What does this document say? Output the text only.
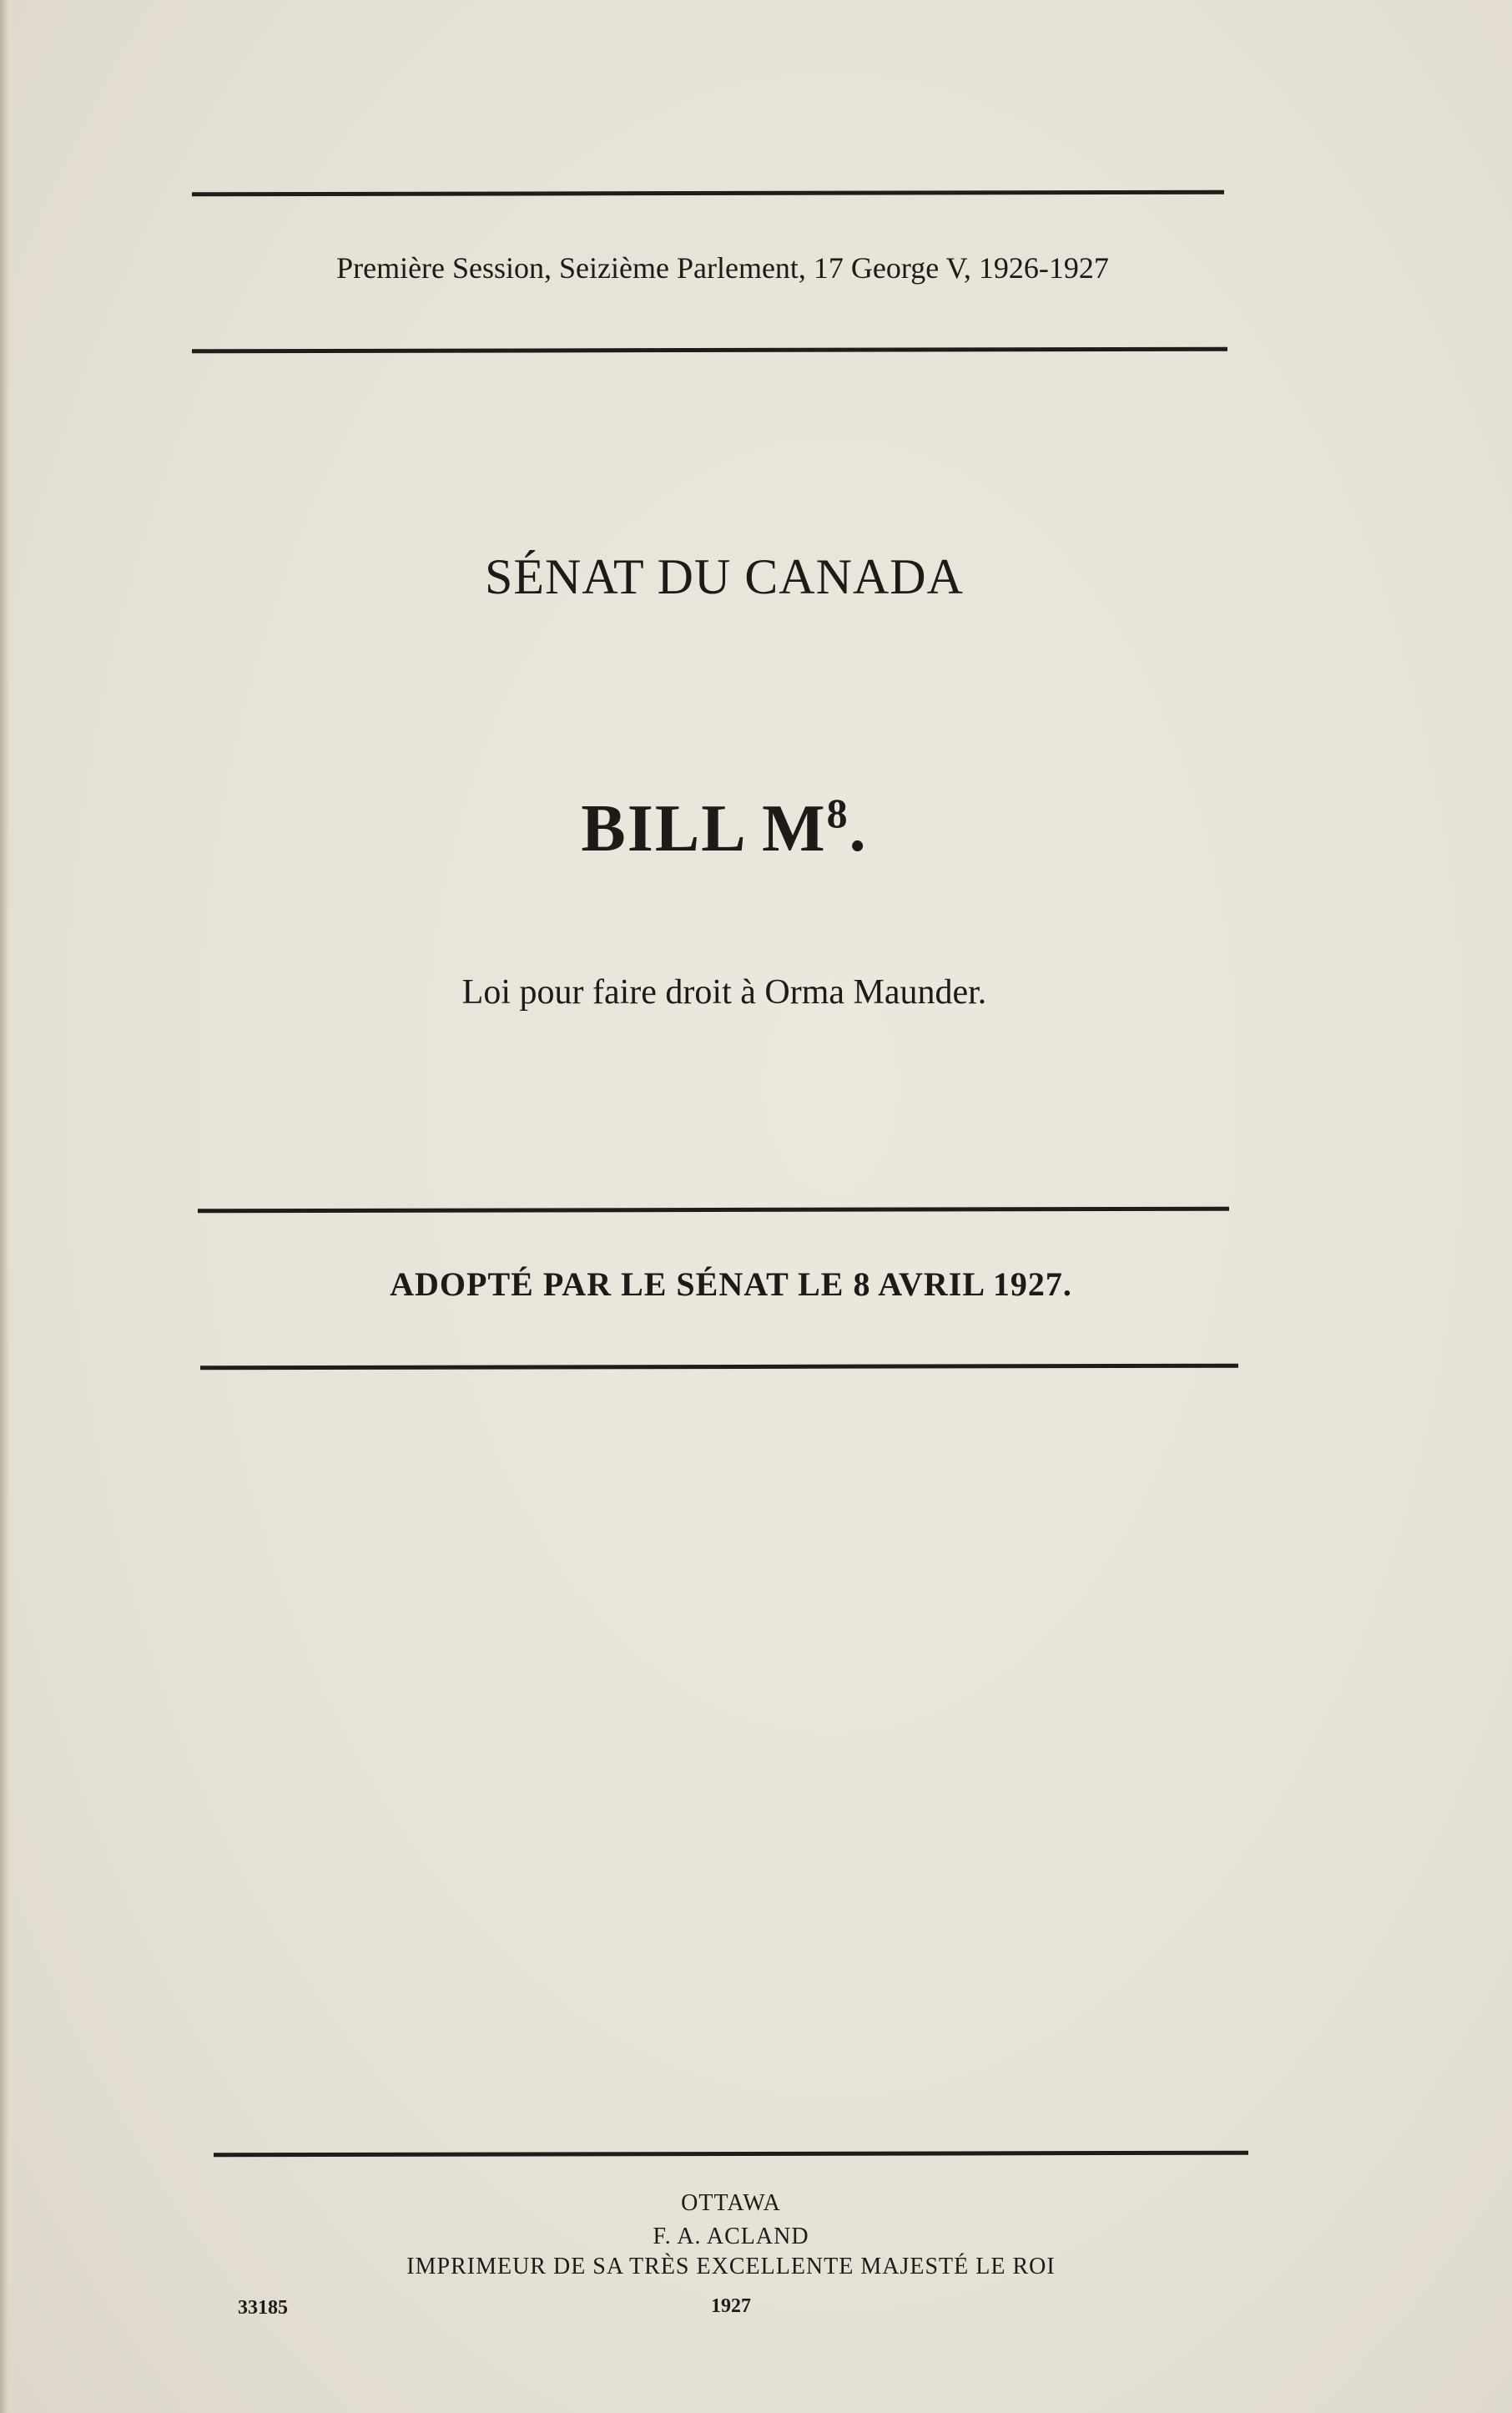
Première Session, Seizième Parlement, 17 George V, 1926-1927
SÉNAT DU CANADA
BILL $M^8$.
Loi pour faire droit à Orma Maunder.
ADOPTÉ PAR LE SÉNAT LE 8 AVRIL 1927.
OTTAWA
F. A. ACLAND
IMPRIMEUR DE SA TRÈS EXCELLENTE MAJESTÉ LE ROI
33185	1927
